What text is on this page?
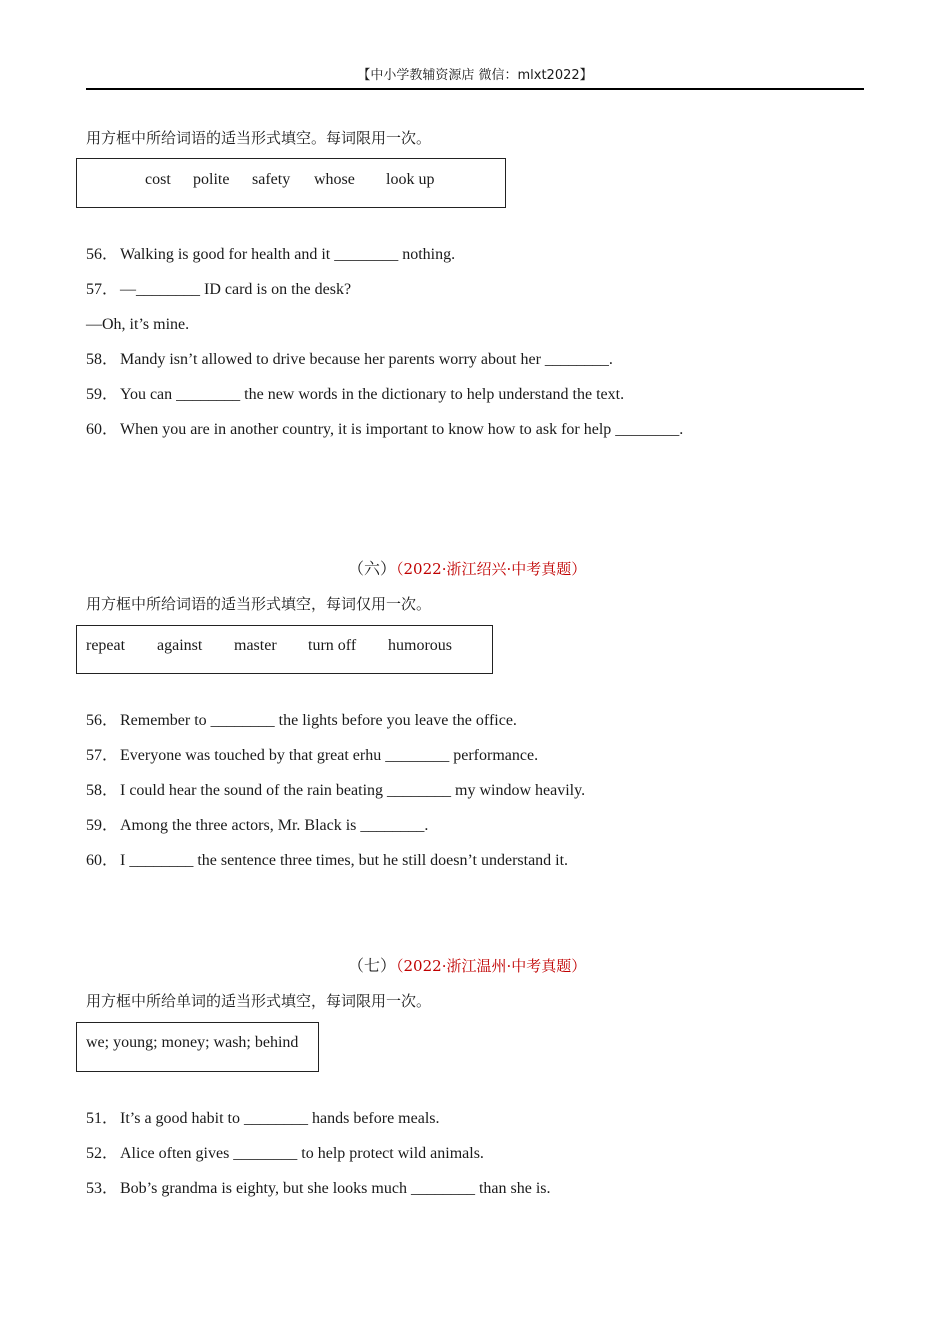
【中小学教辅资源店 微信：mlxt2022】
用方框中所给词语的适当形式填空。每词限用一次。
cost polite safety whose look up
56． Walking is good for health and it ________ nothing.
57． —________ ID card is on the desk?
—Oh, it’s mine.
58． Mandy isn’t allowed to drive because her parents worry about her ________.
59． You can ________ the new words in the dictionary to help understand the text.
60． When you are in another country, it is important to know how to ask for help ________.
（六）（2022·浙江绍兴·中考真题）
用方框中所给词语的适当形式填空，每词仅用一次。
repeat against master turn off humorous
56． Remember to ________ the lights before you leave the office.
57． Everyone was touched by that great erhu ________ performance.
58． I could hear the sound of the rain beating ________ my window heavily.
59． Among the three actors, Mr. Black is ________.
60． I ________ the sentence three times, but he still doesn’t understand it.
（七）（2022·浙江温州·中考真题）
用方框中所给单词的适当形式填空，每词限用一次。
we; young; money; wash; behind
51． It’s a good habit to ________ hands before meals.
52． Alice often gives ________ to help protect wild animals.
53． Bob’s grandma is eighty, but she looks much ________ than she is.
